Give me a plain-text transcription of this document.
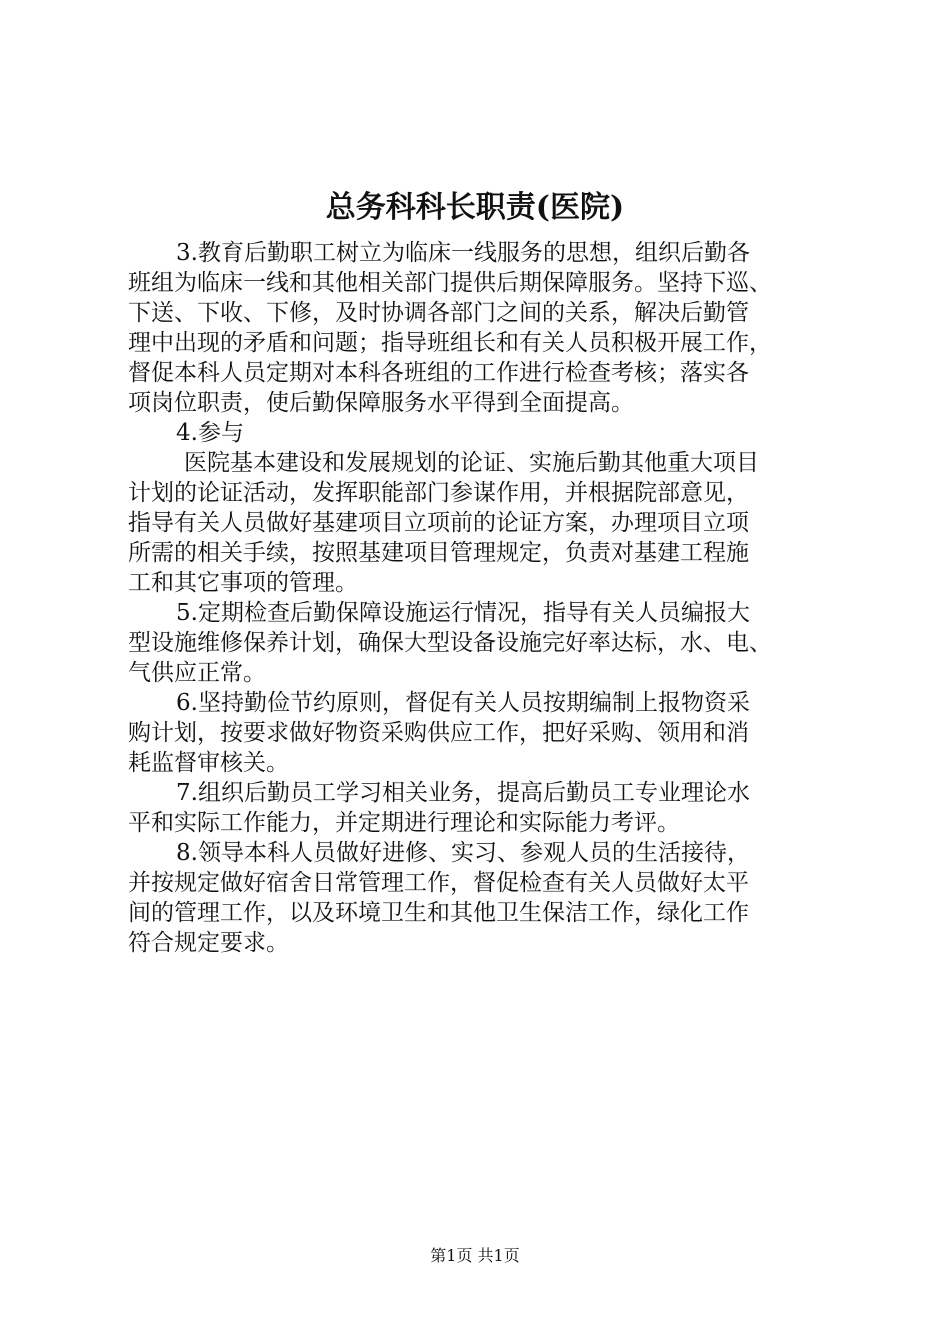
总务科科长职责(医院)
3.教育后勤职工树立为临床一线服务的思想，组织后勤各
班组为临床一线和其他相关部门提供后期保障服务。坚持下巡、
下送、下收、下修，及时协调各部门之间的关系，解决后勤管
理中出现的矛盾和问题；指导班组长和有关人员积极开展工作，
督促本科人员定期对本科各班组的工作进行检查考核；落实各
项岗位职责，使后勤保障服务水平得到全面提高。
4.参与
医院基本建设和发展规划的论证、实施后勤其他重大项目
计划的论证活动，发挥职能部门参谋作用，并根据院部意见，
指导有关人员做好基建项目立项前的论证方案，办理项目立项
所需的相关手续，按照基建项目管理规定，负责对基建工程施
工和其它事项的管理。
5.定期检查后勤保障设施运行情况，指导有关人员编报大
型设施维修保养计划，确保大型设备设施完好率达标，水、电、
气供应正常。
6.坚持勤俭节约原则，督促有关人员按期编制上报物资采
购计划，按要求做好物资采购供应工作，把好采购、领用和消
耗监督审核关。
7.组织后勤员工学习相关业务，提高后勤员工专业理论水
平和实际工作能力，并定期进行理论和实际能力考评。
8.领导本科人员做好进修、实习、参观人员的生活接待，
并按规定做好宿舍日常管理工作，督促检查有关人员做好太平
间的管理工作，以及环境卫生和其他卫生保洁工作，绿化工作
符合规定要求。
第1页 共1页
